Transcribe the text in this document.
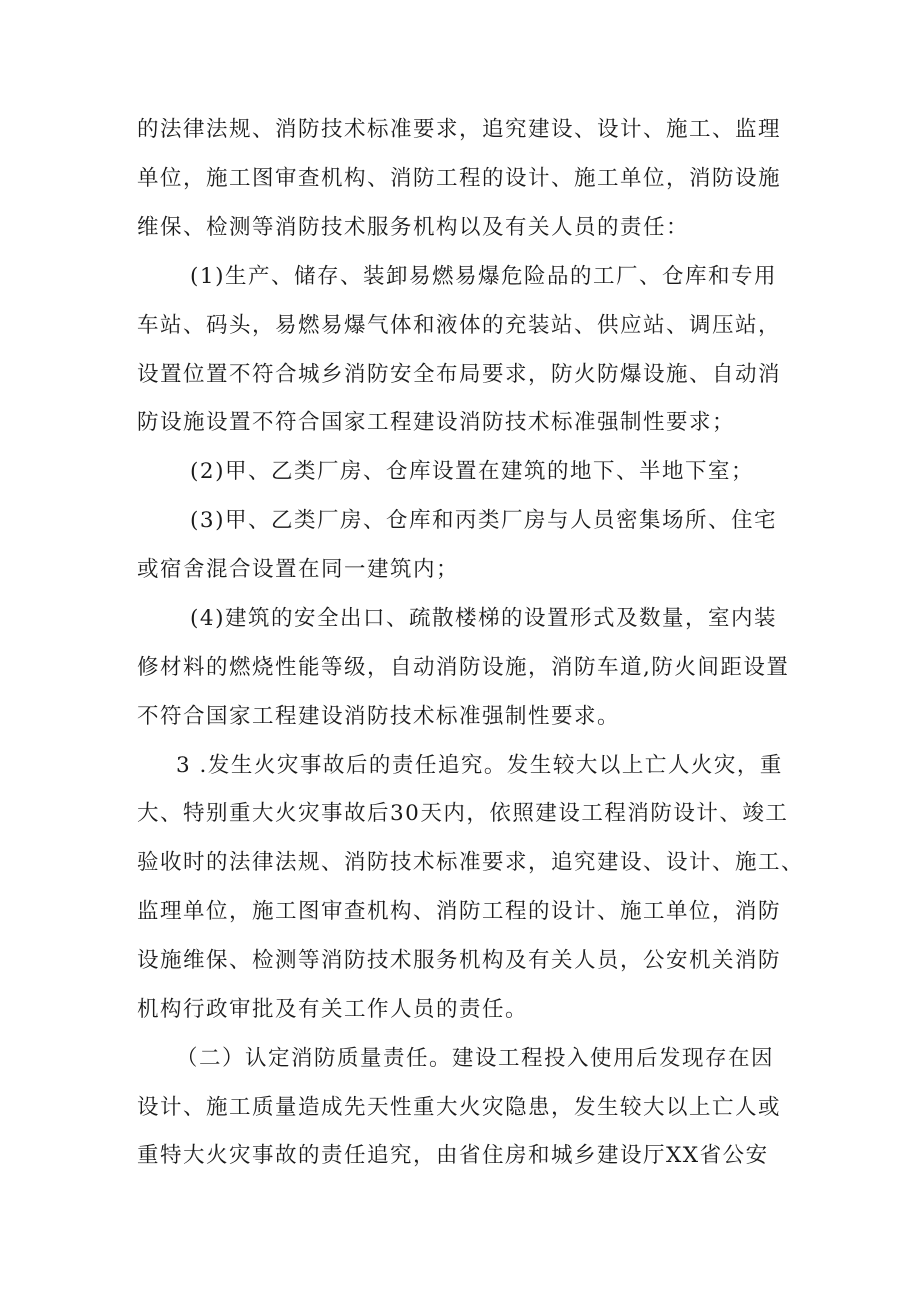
的法律法规、消防技术标准要求，追究建设、设计、施工、监理
单位，施工图审查机构、消防工程的设计、施工单位，消防设施
维保、检测等消防技术服务机构以及有关人员的责任：
(1)生产、储存、装卸易燃易爆危险品的工厂、仓库和专用
车站、码头，易燃易爆气体和液体的充装站、供应站、调压站，
设置位置不符合城乡消防安全布局要求，防火防爆设施、自动消
防设施设置不符合国家工程建设消防技术标准强制性要求；
(2)甲、乙类厂房、仓库设置在建筑的地下、半地下室；
(3)甲、乙类厂房、仓库和丙类厂房与人员密集场所、住宅
或宿舍混合设置在同一建筑内；
(4)建筑的安全出口、疏散楼梯的设置形式及数量，室内装
修材料的燃烧性能等级，自动消防设施，消防车道,防火间距设置
不符合国家工程建设消防技术标准强制性要求。
3 .发生火灾事故后的责任追究。发生较大以上亡人火灾，重
大、特别重大火灾事故后30天内，依照建设工程消防设计、竣工
验收时的法律法规、消防技术标准要求，追究建设、设计、施工、
监理单位，施工图审查机构、消防工程的设计、施工单位，消防
设施维保、检测等消防技术服务机构及有关人员，公安机关消防
机构行政审批及有关工作人员的责任。
（二）认定消防质量责任。建设工程投入使用后发现存在因
设计、施工质量造成先天性重大火灾隐患，发生较大以上亡人或
重特大火灾事故的责任追究，由省住房和城乡建设厅XX省公安
